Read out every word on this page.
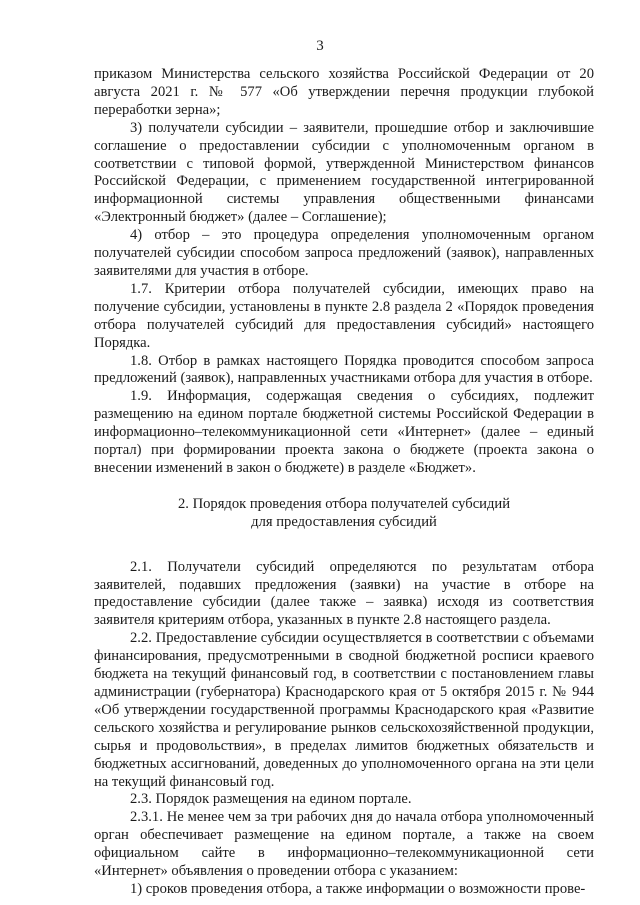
3

приказом Министерства сельского хозяйства Российской Федерации от 20 августа 2021 г. № 577 «Об утверждении перечня продукции глубокой переработки зерна»;

3) получатели субсидии – заявители, прошедшие отбор и заключившие соглашение о предоставлении субсидии с уполномоченным органом в соответствии с типовой формой, утвержденной Министерством финансов Российской Федерации, с применением государственной интегрированной информационной системы управления общественными финансами «Электронный бюджет» (далее – Соглашение);

4) отбор – это процедура определения уполномоченным органом получателей субсидии способом запроса предложений (заявок), направленных заявителями для участия в отборе.

1.7. Критерии отбора получателей субсидии, имеющих право на получение субсидии, установлены в пункте 2.8 раздела 2 «Порядок проведения отбора получателей субсидий для предоставления субсидий» настоящего Порядка.

1.8. Отбор в рамках настоящего Порядка проводится способом запроса предложений (заявок), направленных участниками отбора для участия в отборе.

1.9. Информация, содержащая сведения о субсидиях, подлежит размещению на едином портале бюджетной системы Российской Федерации в информационно–телекоммуникационной сети «Интернет» (далее – единый портал) при формировании проекта закона о бюджете (проекта закона о внесении изменений в закон о бюджете) в разделе «Бюджет».

2. Порядок проведения отбора получателей субсидий
для предоставления субсидий

2.1. Получатели субсидий определяются по результатам отбора заявителей, подавших предложения (заявки) на участие в отборе на предоставление субсидии (далее также – заявка) исходя из соответствия заявителя критериям отбора, указанных в пункте 2.8 настоящего раздела.

2.2. Предоставление субсидии осуществляется в соответствии с объемами финансирования, предусмотренными в сводной бюджетной росписи краевого бюджета на текущий финансовый год, в соответствии с постановлением главы администрации (губернатора) Краснодарского края от 5 октября 2015 г. № 944 «Об утверждении государственной программы Краснодарского края «Развитие сельского хозяйства и регулирование рынков сельскохозяйственной продукции, сырья и продовольствия», в пределах лимитов бюджетных обязательств и бюджетных ассигнований, доведенных до уполномоченного органа на эти цели на текущий финансовый год.

2.3. Порядок размещения на едином портале.

2.3.1. Не менее чем за три рабочих дня до начала отбора уполномоченный орган обеспечивает размещение на едином портале, а также на своем официальном сайте в информационно–телекоммуникационной сети «Интернет» объявления о проведении отбора с указанием:

1) сроков проведения отбора, а также информации о возможности прове-
